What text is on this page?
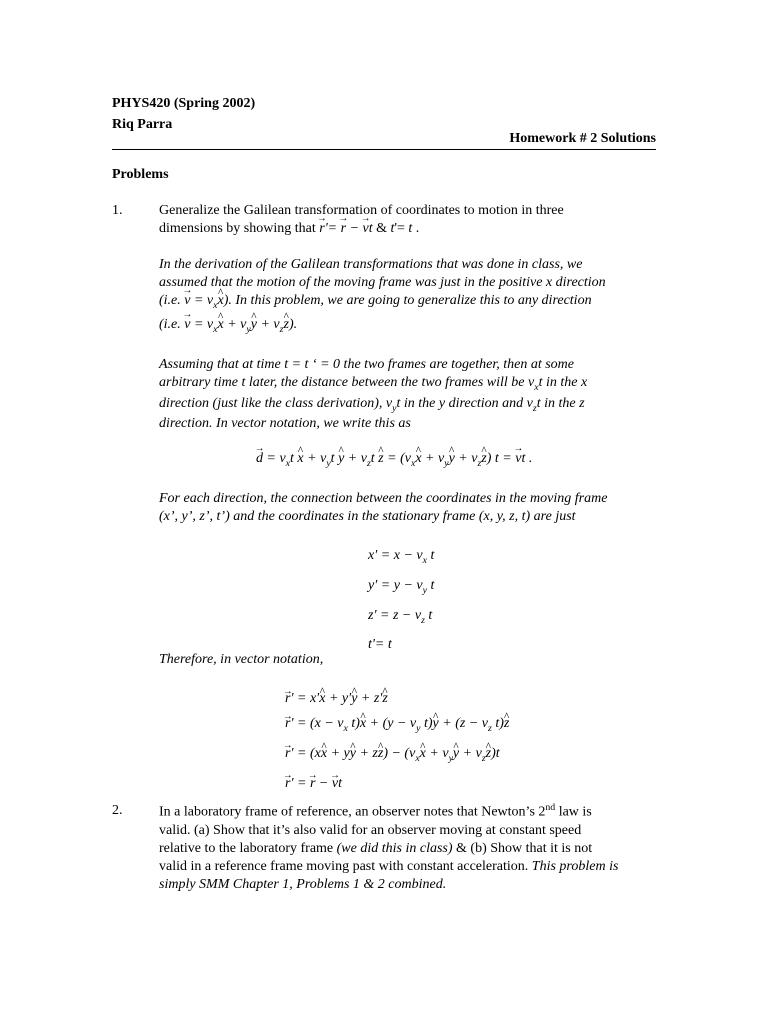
PHYS420 (Spring 2002)
Riq Parra
Homework # 2 Solutions
Problems
1.	Generalize the Galilean transformation of coordinates to motion in three
dimensions by showing that → r'= → r − → vt & t'= t .
In the derivation of the Galilean transformations that was done in class, we
assumed that the motion of the moving frame was just in the positive x direction
(i.e. → $v = v_x\^{}$ x). In this problem, we are going to generalize this to any direction
(i.e. → $v = v_x\^{}$ $x + v_y\^{}$ $y + v_z\^{}$ z).
Assuming that at time t = t ‘ = 0 the two frames are together, then at some
arbitrary time t later, the distance between the two frames will be $v_xt$ in the x
direction (just like the class derivation), $v_yt$ in the y direction and $v_zt$ in the z
direction. In vector notation, we write this as
→ $d = v_xt$ ^ $x + v_yt$ ^ $y + v_zt$ ^ $z = (v_x\^{}$ $x + v_y\^{}$ $y + v_z\^{}$ z) t = → vt .
For each direction, the connection between the coordinates in the moving frame
(x’, y’, z’, t’) and the coordinates in the stationary frame (x, y, z, t) are just
$x' = x - v_x$ t
$y' = y - v_y$ t
$z' = z - v_z$ t
t'= t
Therefore, in vector notation,
→ r′ = x′^ x + y′^ y + z'^ z
→ $r' = (x - v_x$ t)^ $x + (y - v_y$ t)^ $y + (z - v_z$ t)^ z
→ r′ = (x^ x + y^ y + z^ $z) - (v_x\^{}$ $x + v_y\^{}$ $y + v_z\^{}$ z)t
→ r′ = → r − → vt
2.	In a laboratory frame of reference, an observer notes that Newton’s 2nd law is
valid. (a) Show that it’s also valid for an observer moving at constant speed
relative to the laboratory frame (we did this in class) & (b) Show that it is not
valid in a reference frame moving past with constant acceleration. This problem is
simply SMM Chapter 1, Problems 1 & 2 combined.
